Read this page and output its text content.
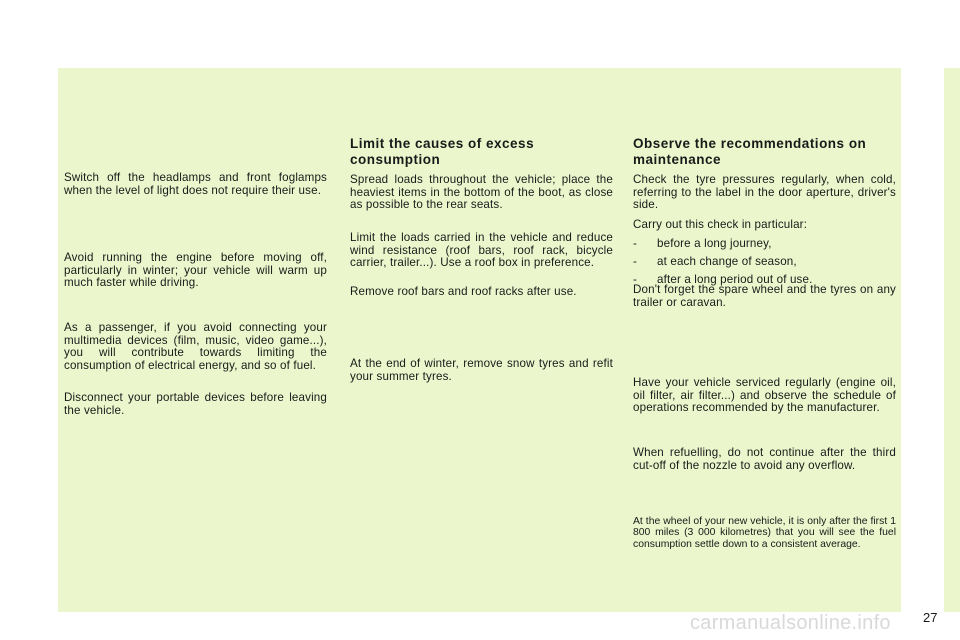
Switch off the headlamps and front foglamps when the level of light does not require their use.

Avoid running the engine before moving off, particularly in winter; your vehicle will warm up much faster while driving.

As a passenger, if you avoid connecting your multimedia devices (film, music, video game...), you will contribute towards limiting the consumption of electrical energy, and so of fuel.

Disconnect your portable devices before leaving the vehicle.

Limit the causes of excess consumption

Spread loads throughout the vehicle; place the heaviest items in the bottom of the boot, as close as possible to the rear seats.

Limit the loads carried in the vehicle and reduce wind resistance (roof bars, roof rack, bicycle carrier, trailer...). Use a roof box in preference.

Remove roof bars and roof racks after use.

At the end of winter, remove snow tyres and refit your summer tyres.

Observe the recommendations on maintenance

Check the tyre pressures regularly, when cold, referring to the label in the door aperture, driver's side.

Carry out this check in particular:

-	before a long journey,
-	at each change of season,
-	after a long period out of use.

Don't forget the spare wheel and the tyres on any trailer or caravan.

Have your vehicle serviced regularly (engine oil, oil filter, air filter...) and observe the schedule of operations recommended by the manufacturer.

When refuelling, do not continue after the third cut-off of the nozzle to avoid any overflow.

At the wheel of your new vehicle, it is only after the first 1 800 miles (3 000 kilometres) that you will see the fuel consumption settle down to a consistent average.

carmanualsonline.info 27
